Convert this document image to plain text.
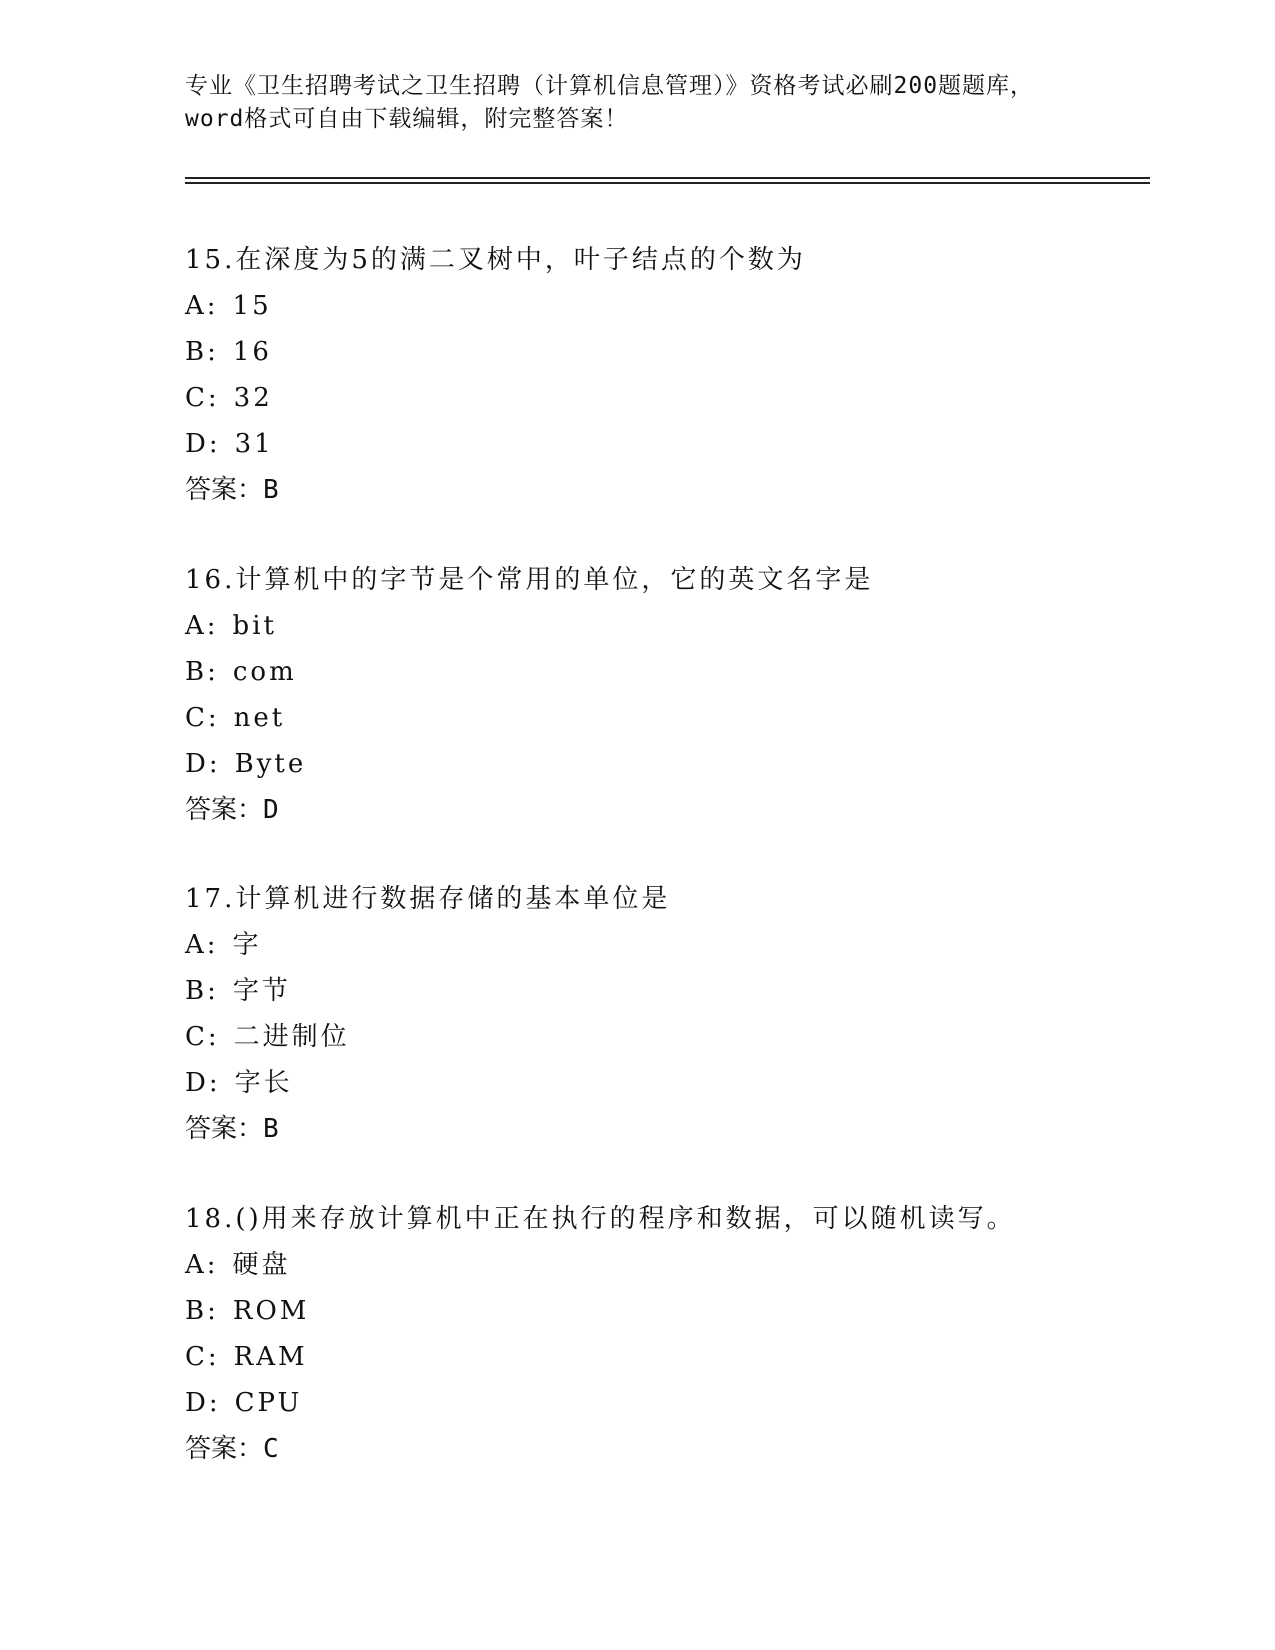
专业《卫生招聘考试之卫生招聘（计算机信息管理）》资格考试必刷200题题库，
word格式可自由下载编辑，附完整答案！
15.在深度为5的满二叉树中，叶子结点的个数为
A: 15
B: 16
C: 32
D: 31
答案：B
16.计算机中的字节是个常用的单位，它的英文名字是
A: bit
B: com
C: net
D: Byte
答案：D
17.计算机进行数据存储的基本单位是
A: 字
B: 字节
C: 二进制位
D: 字长
答案：B
18.()用来存放计算机中正在执行的程序和数据，可以随机读写。
A: 硬盘
B: ROM
C: RAM
D: CPU
答案：C
